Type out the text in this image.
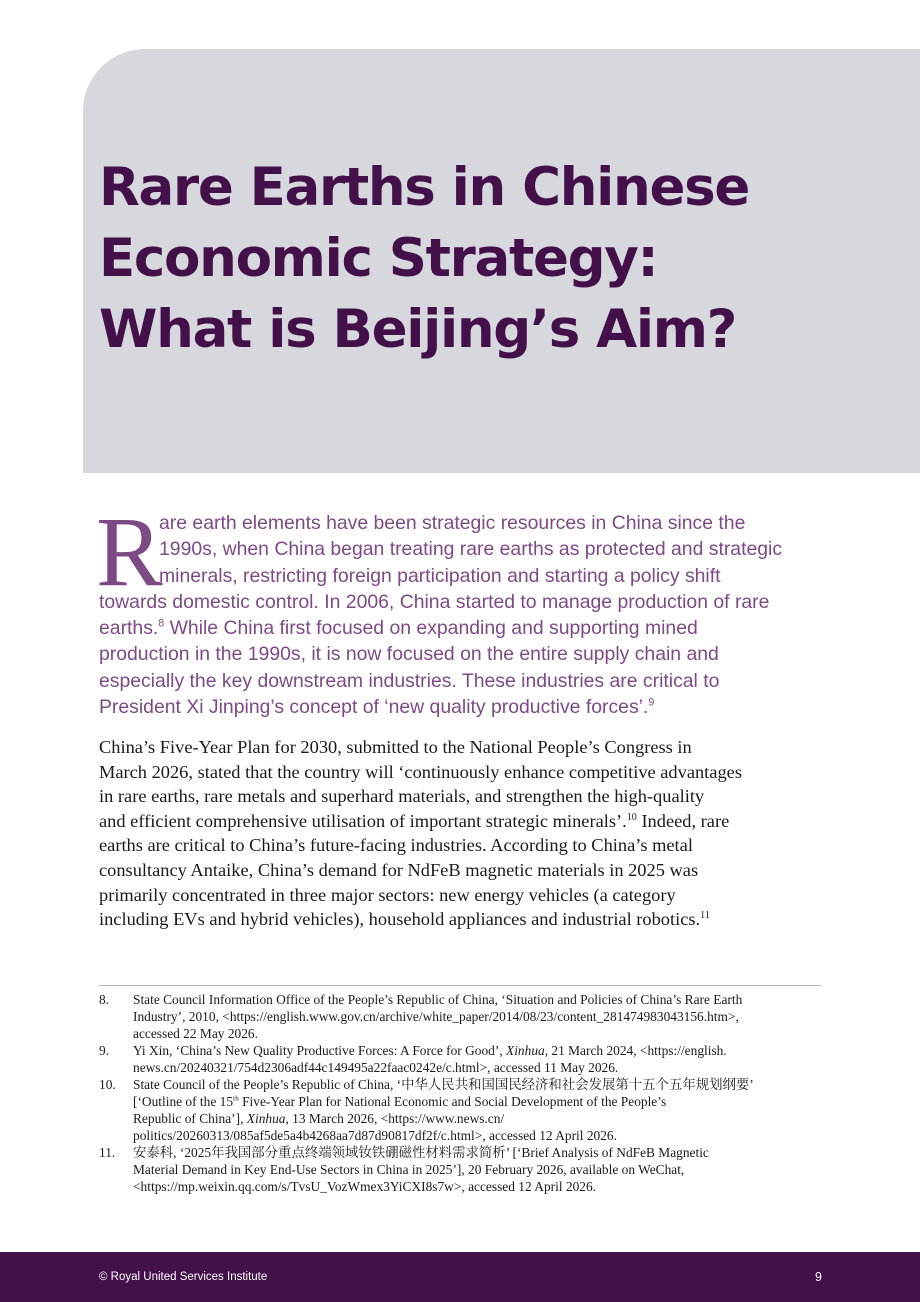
Rare Earths in Chinese
Economic Strategy:
What is Beijing’s Aim?
R

are earth elements have been strategic resources in China since the
1990s, when China began treating rare earths as protected and strategic
minerals, restricting foreign participation and starting a policy shift
towards domestic control. In 2006, China started to manage production of rare
earths.$^8$ While China first focused on expanding and supporting mined
production in the 1990s, it is now focused on the entire supply chain and
especially the key downstream industries. These industries are critical to
President Xi Jinping’s concept of ‘new quality productive forces’.$^9$

China’s Five-Year Plan for 2030, submitted to the National People’s Congress in
March 2026, stated that the country will ‘continuously enhance competitive advantages
in rare earths, rare metals and superhard materials, and strengthen the high-quality
and efficient comprehensive utilisation of important strategic minerals’.$^{10}$ Indeed, rare
earths are critical to China’s future-facing industries. According to China’s metal
consultancy Antaike, China’s demand for NdFeB magnetic materials in 2025 was
primarily concentrated in three major sectors: new energy vehicles (a category
including EVs and hybrid vehicles), household appliances and industrial robotics.$^{11}$

8. State Council Information Office of the People’s Republic of China, ‘Situation and Policies of China’s Rare Earth
Industry’, 2010, <https://english.www.gov.cn/archive/white_paper/2014/08/23/content_281474983043156.htm>,
accessed 22 May 2026.
9. Yi Xin, ‘China’s New Quality Productive Forces: A Force for Good’, Xinhua, 21 March 2024, <https://english.
news.cn/20240321/754d2306adf44c149495a22faac0242e/c.html>, accessed 11 May 2026.
10. State Council of the People’s Republic of China, ‘中华人民共和国国民经济和社会发展第十五个五年规划纲要’
[‘Outline of the 15th Five-Year Plan for National Economic and Social Development of the People’s
Republic of China’], Xinhua, 13 March 2026, <https://www.news.cn/
politics/20260313/085af5de5a4b4268aa7d87d90817df2f/c.html>, accessed 12 April 2026.
11. 安泰科, ‘2025年我国部分重点终端领域钕铁硼磁性材料需求简析’ [‘Brief Analysis of NdFeB Magnetic
Material Demand in Key End-Use Sectors in China in 2025’], 20 February 2026, available on WeChat,
<https://mp.weixin.qq.com/s/TvsU_VozWmex3YiCXI8s7w>, accessed 12 April 2026.
© Royal United Services Institute	9
